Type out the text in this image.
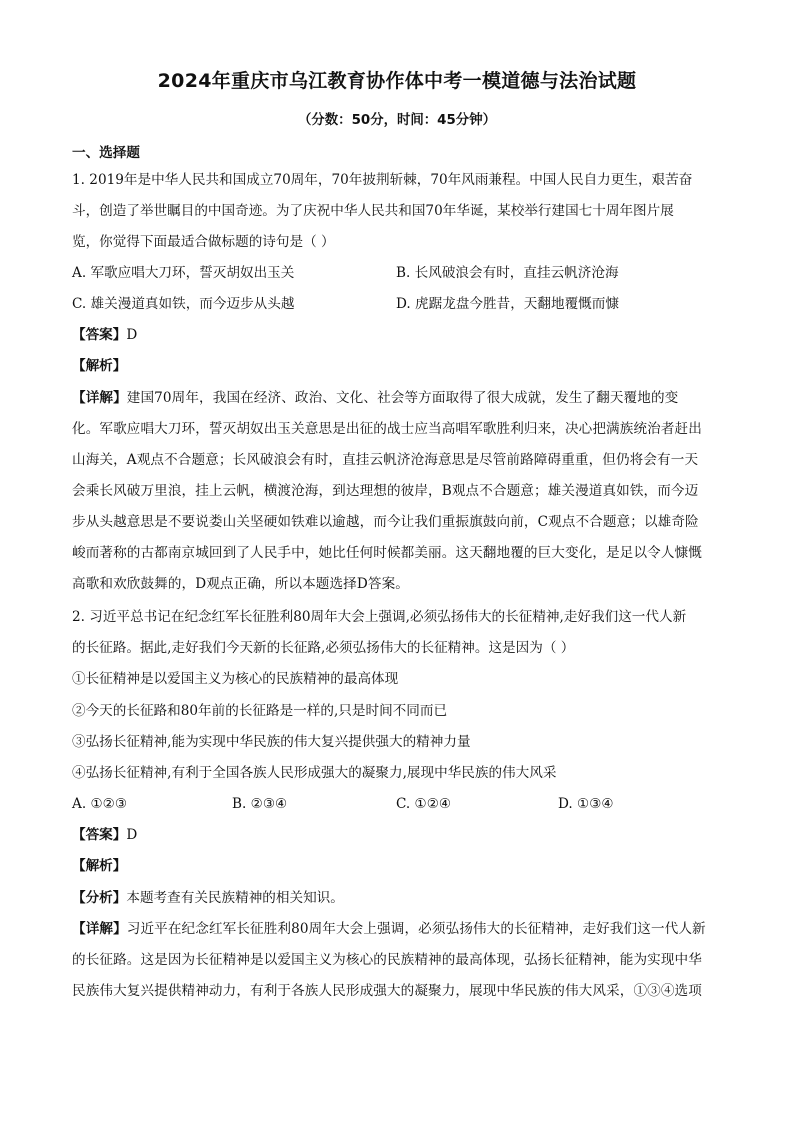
2024年重庆市乌江教育协作体中考一模道德与法治试题
（分数：50分，时间：45分钟）
一、选择题
1. 2019年是中华人民共和国成立70周年，70年披荆斩棘，70年风雨兼程。中国人民自力更生，艰苦奋
斗，创造了举世瞩目的中国奇迹。为了庆祝中华人民共和国70年华诞，某校举行建国七十周年图片展
览，你觉得下面最适合做标题的诗句是（ ）
A. 军歌应唱大刀环，誓灭胡奴出玉关	B. 长风破浪会有时，直挂云帆济沧海
C. 雄关漫道真如铁，而今迈步从头越	D. 虎踞龙盘今胜昔，天翻地覆慨而慷
【答案】D
【解析】
【详解】建国70周年，我国在经济、政治、文化、社会等方面取得了很大成就，发生了翻天覆地的变
化。军歌应唱大刀环，誓灭胡奴出玉关意思是出征的战士应当高唱军歌胜利归来，决心把满族统治者赶出
山海关，A观点不合题意；长风破浪会有时，直挂云帆济沧海意思是尽管前路障碍重重，但仍将会有一天
会乘长风破万里浪，挂上云帆，横渡沧海，到达理想的彼岸，B观点不合题意；雄关漫道真如铁，而今迈
步从头越意思是不要说娄山关坚硬如铁难以逾越，而今让我们重振旗鼓向前，C观点不合题意；以雄奇险
峻而著称的古都南京城回到了人民手中，她比任何时候都美丽。这天翻地覆的巨大变化，是足以令人慷慨
高歌和欢欣鼓舞的，D观点正确，所以本题选择D答案。
2. 习近平总书记在纪念红军长征胜利80周年大会上强调,必须弘扬伟大的长征精神,走好我们这一代人新
的长征路。据此,走好我们今天新的长征路,必须弘扬伟大的长征精神。这是因为（ ）
①长征精神是以爱国主义为核心的民族精神的最高体现
②今天的长征路和80年前的长征路是一样的,只是时间不同而已
③弘扬长征精神,能为实现中华民族的伟大复兴提供强大的精神力量
④弘扬长征精神,有利于全国各族人民形成强大的凝聚力,展现中华民族的伟大风采
A. ①②③	B. ②③④	C. ①②④	D. ①③④
【答案】D
【解析】
【分析】本题考查有关民族精神的相关知识。
【详解】习近平在纪念红军长征胜利80周年大会上强调，必须弘扬伟大的长征精神，走好我们这一代人新
的长征路。这是因为长征精神是以爱国主义为核心的民族精神的最高体现，弘扬长征精神，能为实现中华
民族伟大复兴提供精神动力，有利于各族人民形成强大的凝聚力，展现中华民族的伟大风采，①③④选项
